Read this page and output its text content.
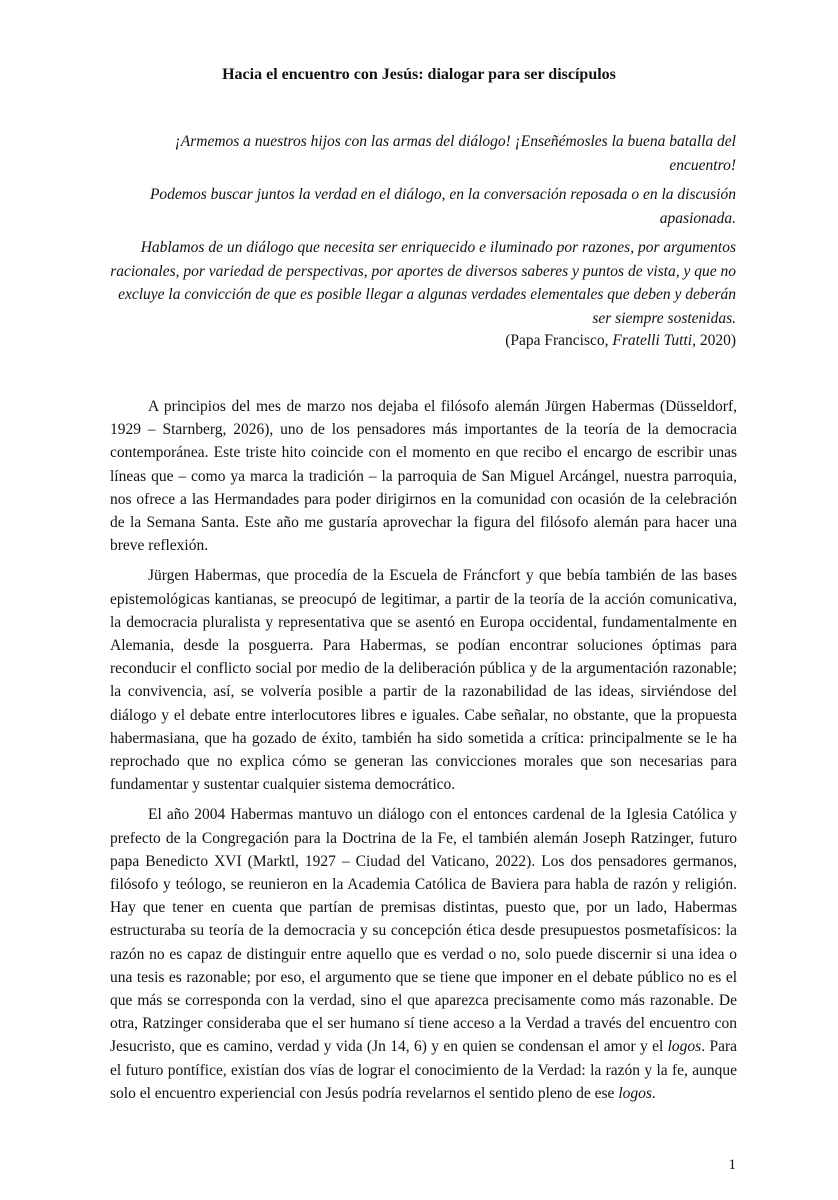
Hacia el encuentro con Jesús: dialogar para ser discípulos

¡Armemos a nuestros hijos con las armas del diálogo! ¡Enseñémosles la buena batalla del encuentro!

Podemos buscar juntos la verdad en el diálogo, en la conversación reposada o en la discusión apasionada.

Hablamos de un diálogo que necesita ser enriquecido e iluminado por razones, por argumentos racionales, por variedad de perspectivas, por aportes de diversos saberes y puntos de vista, y que no excluye la convicción de que es posible llegar a algunas verdades elementales que deben y deberán ser siempre sostenidas.

(Papa Francisco, Fratelli Tutti, 2020)

A principios del mes de marzo nos dejaba el filósofo alemán Jürgen Habermas (Düsseldorf, 1929 – Starnberg, 2026), uno de los pensadores más importantes de la teoría de la democracia contemporánea. Este triste hito coincide con el momento en que recibo el encargo de escribir unas líneas que – como ya marca la tradición – la parroquia de San Miguel Arcángel, nuestra parroquia, nos ofrece a las Hermandades para poder dirigirnos en la comunidad con ocasión de la celebración de la Semana Santa. Este año me gustaría aprovechar la figura del filósofo alemán para hacer una breve reflexión.

Jürgen Habermas, que procedía de la Escuela de Fráncfort y que bebía también de las bases epistemológicas kantianas, se preocupó de legitimar, a partir de la teoría de la acción comunicativa, la democracia pluralista y representativa que se asentó en Europa occidental, fundamentalmente en Alemania, desde la posguerra. Para Habermas, se podían encontrar soluciones óptimas para reconducir el conflicto social por medio de la deliberación pública y de la argumentación razonable; la convivencia, así, se volvería posible a partir de la razonabilidad de las ideas, sirviéndose del diálogo y el debate entre interlocutores libres e iguales. Cabe señalar, no obstante, que la propuesta habermasiana, que ha gozado de éxito, también ha sido sometida a crítica: principalmente se le ha reprochado que no explica cómo se generan las convicciones morales que son necesarias para fundamentar y sustentar cualquier sistema democrático.

El año 2004 Habermas mantuvo un diálogo con el entonces cardenal de la Iglesia Católica y prefecto de la Congregación para la Doctrina de la Fe, el también alemán Joseph Ratzinger, futuro papa Benedicto XVI (Marktl, 1927 – Ciudad del Vaticano, 2022). Los dos pensadores germanos, filósofo y teólogo, se reunieron en la Academia Católica de Baviera para habla de razón y religión. Hay que tener en cuenta que partían de premisas distintas, puesto que, por un lado, Habermas estructuraba su teoría de la democracia y su concepción ética desde presupuestos posmetafísicos: la razón no es capaz de distinguir entre aquello que es verdad o no, solo puede discernir si una idea o una tesis es razonable; por eso, el argumento que se tiene que imponer en el debate público no es el que más se corresponda con la verdad, sino el que aparezca precisamente como más razonable. De otra, Ratzinger consideraba que el ser humano sí tiene acceso a la Verdad a través del encuentro con Jesucristo, que es camino, verdad y vida (Jn 14, 6) y en quien se condensan el amor y el logos. Para el futuro pontífice, existían dos vías de lograr el conocimiento de la Verdad: la razón y la fe, aunque solo el encuentro experiencial con Jesús podría revelarnos el sentido pleno de ese logos.

1
